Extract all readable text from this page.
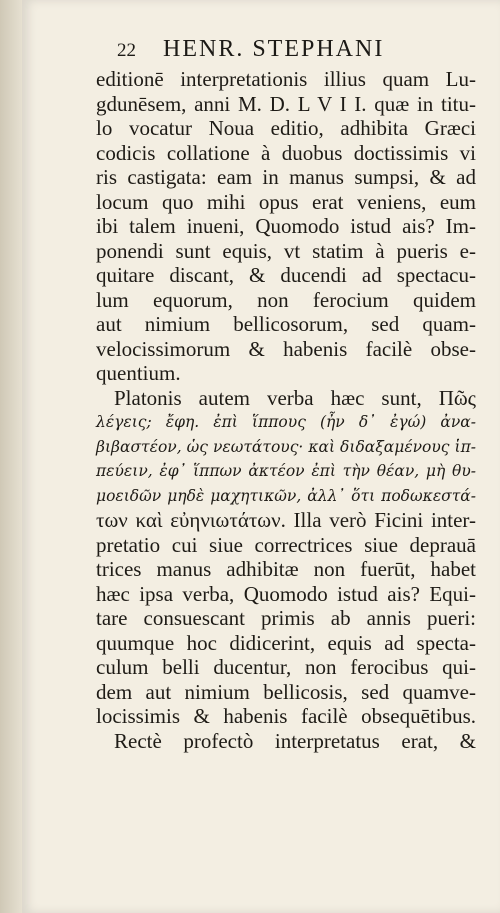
22 HENR. STEPHANI
editionē interpretationis illius quam Lu-
gdunēsem, anni M. D. L V I I. quæ in titu-
lo vocatur Noua editio, adhibita Græci
codicis collatione à duobus doctissimis vi
ris castigata: eam in manus sumpsi, & ad
locum quo mihi opus erat veniens, eum
ibi talem inueni, Quomodo istud ais? Im-
ponendi sunt equis, vt statim à pueris e-
quitare discant, & ducendi ad spectacu-
lum equorum, non ferocium quidem
aut nimium bellicosorum, sed quam-
velocissimorum & habenis facilè obse-
quentium.
Platonis autem verba hæc sunt, Πῶς
λέγεις; ἔφη. ἐπὶ ἵππους (ἦν δ᾽ ἐγώ) ἀνα-
βιβαστέον, ὡς νεωτάτους· καὶ διδαξαμένους ἱπ-
πεύειν, ἐφ᾽ ἵππων ἀκτέον ἐπὶ τὴν θέαν, μὴ θυ-
μοειδῶν μηδὲ μαχητικῶν, ἀλλ᾽ ὅτι ποδωκεστά-
των καὶ εὐηνιωτάτων. Illa verò Ficini inter-
pretatio cui siue correctrices siue deprauā
trices manus adhibitæ non fuerūt, habet
hæc ipsa verba, Quomodo istud ais? Equi-
tare consuescant primis ab annis pueri:
quumque hoc didicerint, equis ad specta-
culum belli ducentur, non ferocibus qui-
dem aut nimium bellicosis, sed quamve-
locissimis & habenis facilè obsequētibus.
Rectè profectò interpretatus erat, &
